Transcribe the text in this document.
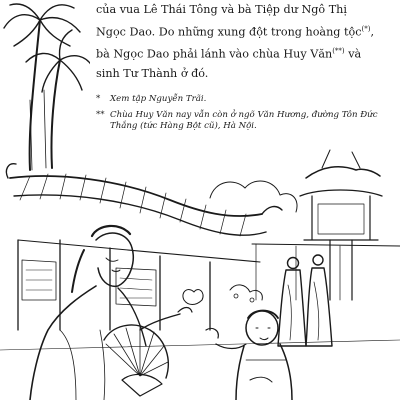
của vua Lê Thái Tông và bà Tiệp dư Ngô Thị
Ngọc Dao. Do những xung đột trong hoàng tộc(*),
bà Ngọc Dao phải lánh vào chùa Huy Văn(**) và
sinh Tư Thành ở đó.

*	Xem tập Nguyễn Trãi.
** Chùa Huy Văn nay vẫn còn ở ngõ Văn Hương, đường Tôn Đức Thắng (tức Hàng Bột cũ), Hà Nội.
